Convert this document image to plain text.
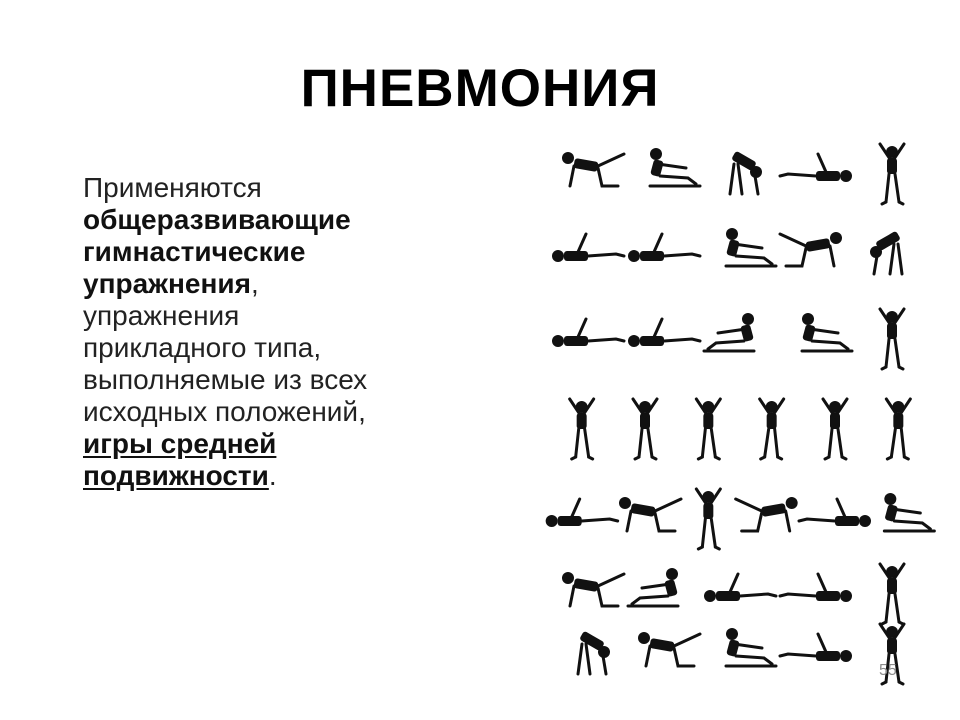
ПНЕВМОНИЯ
Применяются
общеразвивающие
гимнастические
упражнения,
упражнения
прикладного типа,
выполняемые из всех
исходных положений,
игры средней
подвижности.
55
